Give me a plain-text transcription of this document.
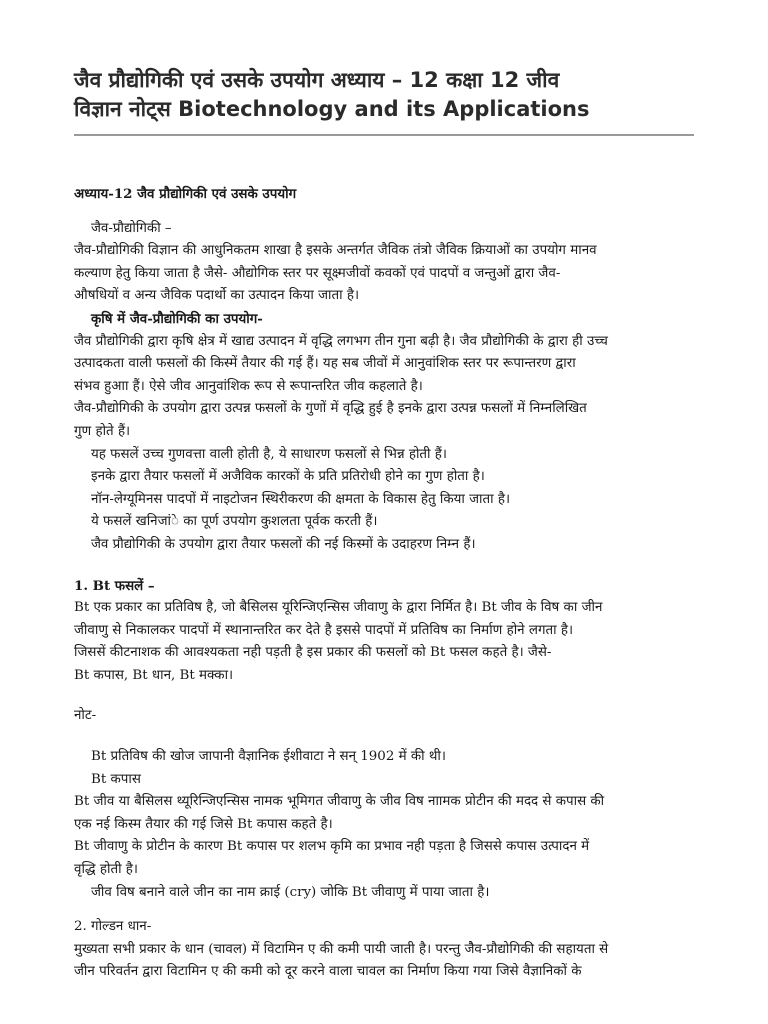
जैव प्रौद्योगिकी एवं उसके उपयोग अध्याय – 12 कक्षा 12 जीव
विज्ञान नोट्स Biotechnology and its Applications
अध्याय-12 जैव प्रौद्योगिकी एवं उसके उपयोग
जैव-प्रौद्योगिकी –
जैव-प्रौद्योगिकी विज्ञान की आधुनिकतम शाखा है इसके अन्तर्गत जैविक तंत्रो जैविक क्रियाओं का उपयोग मानव
कल्याण हेतु किया जाता है जैसे- औद्योगिक स्तर पर सूक्ष्मजीवों कवकों एवं पादपों व जन्तुओं द्वारा जैव-
औषधियों व अन्य जैविक पदार्थो का उत्पादन किया जाता है।
कृषि में जैव-प्रौद्योगिकी का उपयोग-
जैव प्रौद्योगिकी द्वारा कृषि क्षेत्र में खाद्य उत्पादन में वृद्धि लगभग तीन गुना बढ़ी है। जैव प्रौद्योगिकी के द्वारा ही उच्च
उत्पादकता वाली फसलों की किस्में तैयार की गई हैं। यह सब जीवों में आनुवांशिक स्तर पर रूपान्तरण द्वारा
संभव हुआा हैं। ऐसे जीव आनुवांशिक रूप से रूपान्तरित जीव कहलाते है।
जैव-प्रौद्योगिकी के उपयोग द्वारा उत्पन्न फसलों के गुणों में वृद्धि हुई है इनके द्वारा उत्पन्न फसलों में निम्नलिखित
गुण होते हैं।
यह फसलें उच्च गुणवत्ता वाली होती है, ये साधारण फसलों से भिन्न होती हैं।
इनके द्वारा तैयार फसलों में अजैविक कारकों के प्रति प्रतिरोधी होने का गुण होता है।
नॉन-लेग्यूमिनस पादपों में नाइटोजन स्थिरीकरण की क्षमता के विकास हेतु किया जाता है।
ये फसलें खनिजांे का पूर्ण उपयोग कुशलता पूर्वक करती हैं।
जैव प्रौद्योगिकी के उपयोग द्वारा तैयार फसलों की नई किस्मों के उदाहरण निम्न हैं।
1. Bt फसलें –
Bt एक प्रकार का प्रतिविष है, जो बैसिलस यूरिन्जिएन्सिस जीवाणु के द्वारा निर्मित है। Bt जीव के विष का जीन
जीवाणु से निकालकर पादपों में स्थानान्तरित कर देते है इससे पादपों में प्रतिविष का निर्माण होने लगता है।
जिससें कीटनाशक की आवश्यकता नही पड़ती है इस प्रकार की फसलों को Bt फसल कहते है। जैसे-
Bt कपास, Bt धान, Bt मक्का।
नोट-
Bt प्रतिविष की खोज जापानी वैज्ञानिक ईशीवाटा ने सन् 1902 में की थी।
Bt कपास
Bt जीव या बैसिलस थ्यूरिन्जिएन्सिस नामक भूमिगत जीवाणु के जीव विष नाामक प्रोटीन की मदद से कपास की
एक नई किस्म तैयार की गई जिसे Bt कपास कहते है।
Bt जीवाणु के प्रोटीन के कारण Bt कपास पर शलभ कृमि का प्रभाव नही पड़ता है जिससे कपास उत्पादन में
वृद्धि होती है।
जीव विष बनाने वाले जीन का नाम क्राई (cry) जोकि Bt जीवाणु में पाया जाता है।
2. गोल्डन धान-
मुख्यता सभी प्रकार के धान (चावल) में विटामिन ए की कमी पायी जाती है। परन्तु जैैव-प्रौद्योगिकी की सहायता से
जीन परिवर्तन द्वारा विटामिन ए की कमी को दूर करने वाला चावल का निर्माण किया गया जिसे वैज्ञानिकों के
